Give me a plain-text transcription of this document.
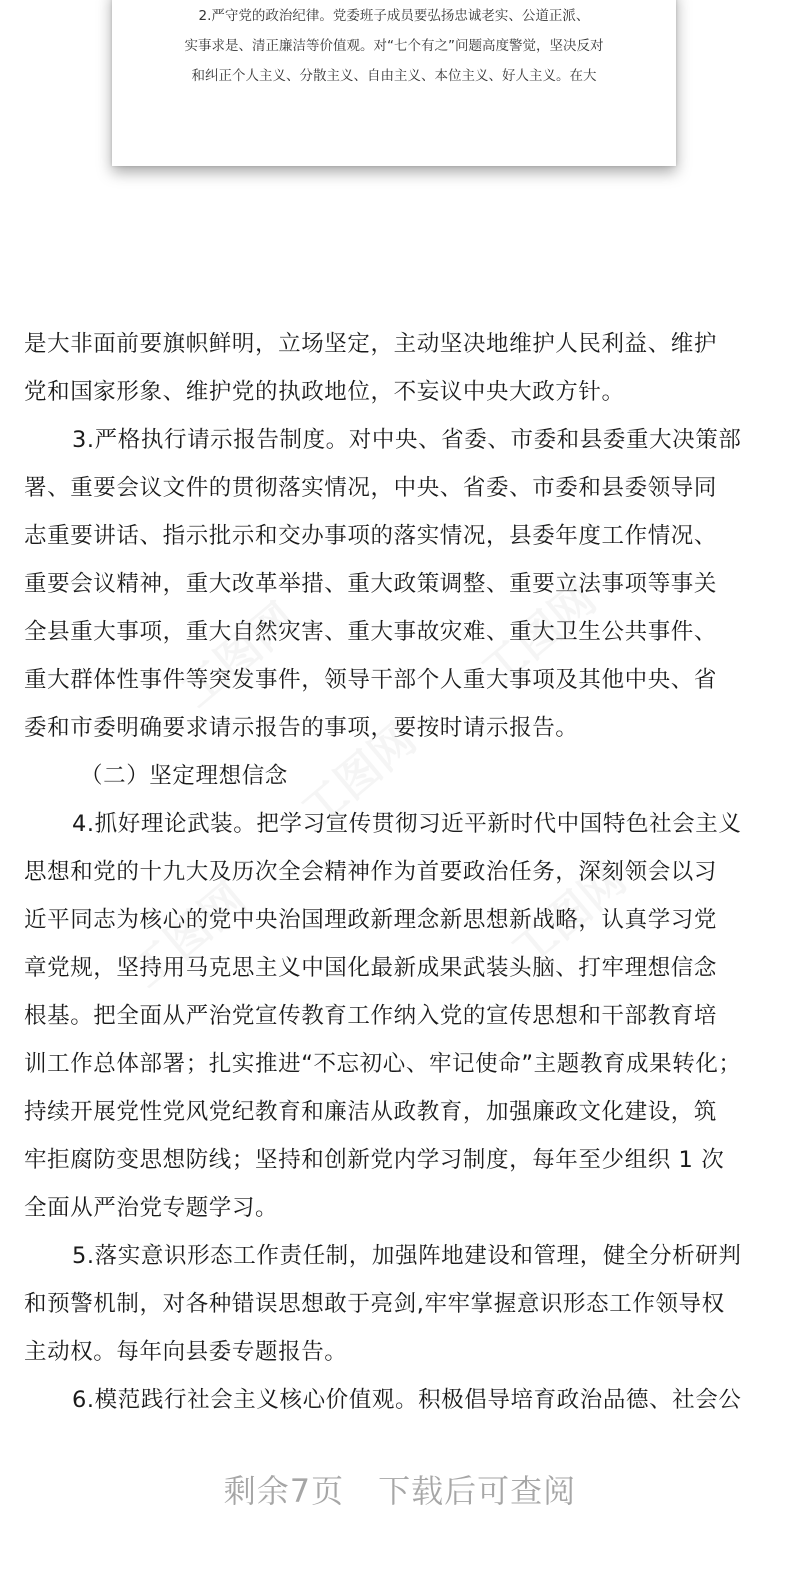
2.严守党的政治纪律。党委班子成员要弘扬忠诚老实、公道正派、
实事求是、清正廉洁等价值观。对“七个有之”问题高度警觉，坚决反对
和纠正个人主义、分散主义、自由主义、本位主义、好人主义。在大
工图网	工图网
工图网
工图网	工图网

是大非面前要旗帜鲜明，立场坚定，主动坚决地维护人民利益、维护

党和国家形象、维护党的执政地位，不妄议中央大政方针。

3.严格执行请示报告制度。对中央、省委、市委和县委重大决策部

署、重要会议文件的贯彻落实情况，中央、省委、市委和县委领导同

志重要讲话、指示批示和交办事项的落实情况，县委年度工作情况、

重要会议精神，重大改革举措、重大政策调整、重要立法事项等事关

全县重大事项，重大自然灾害、重大事故灾难、重大卫生公共事件、

重大群体性事件等突发事件，领导干部个人重大事项及其他中央、省

委和市委明确要求请示报告的事项，要按时请示报告。

（二）坚定理想信念

4.抓好理论武装。把学习宣传贯彻习近平新时代中国特色社会主义

思想和党的十九大及历次全会精神作为首要政治任务，深刻领会以习

近平同志为核心的党中央治国理政新理念新思想新战略，认真学习党

章党规，坚持用马克思主义中国化最新成果武装头脑、打牢理想信念

根基。把全面从严治党宣传教育工作纳入党的宣传思想和干部教育培

训工作总体部署；扎实推进“不忘初心、牢记使命”主题教育成果转化；

持续开展党性党风党纪教育和廉洁从政教育，加强廉政文化建设，筑

牢拒腐防变思想防线；坚持和创新党内学习制度，每年至少组织 1 次

全面从严治党专题学习。

5.落实意识形态工作责任制，加强阵地建设和管理，健全分析研判

和预警机制，对各种错误思想敢于亮剑,牢牢掌握意识形态工作领导权

主动权。每年向县委专题报告。

6.模范践行社会主义核心价值观。积极倡导培育政治品德、社会公

剩余7页 下载后可查阅
